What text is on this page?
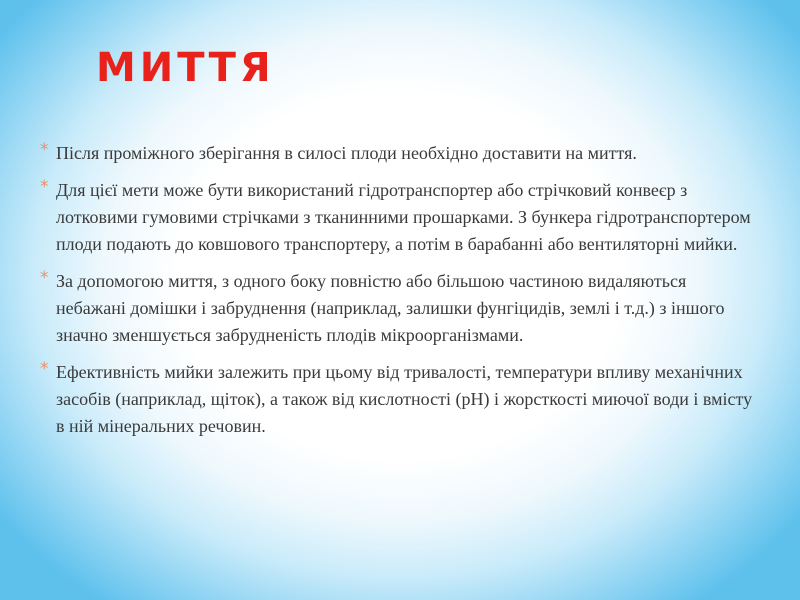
МИТТЯ
* Після проміжного зберігання в силосі плоди необхідно доставити на миття.
* Для цієї мети може бути використаний гідротранспортер або стрічковий конвеєр з лотковими гумовими стрічками з тканинними прошарками. З бункера гідротранспортером плоди подають до ковшового транспортеру, а потім в барабанні або вентиляторні мийки.
* За допомогою миття, з одного боку повністю або більшою частиною видаляються небажані домішки і забруднення (наприклад, залишки фунгіцидів, землі і т.д.) з іншого значно зменшується забрудненість плодів мікроорганізмами.
* Ефективність мийки залежить при цьому від тривалості, температури впливу механічних засобів (наприклад, щіток), а також від кислотності (pH) і жорсткості миючої води і вмісту в ній мінеральних речовин.
